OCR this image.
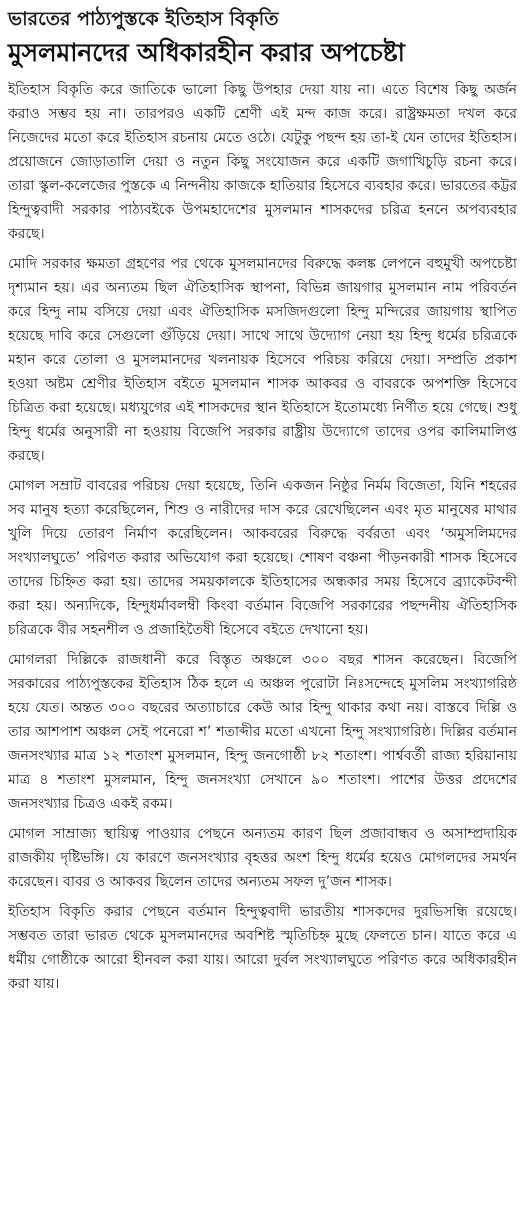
ভারতের পাঠ্যপুস্তকে ইতিহাস বিকৃতি
মুসলমানদের অধিকারহীন করার অপচেষ্টা

ইতিহাস বিকৃতি করে জাতিকে ভালো কিছু উপহার দেয়া যায় না। এতে বিশেষ কিছু অর্জন করাও সম্ভব হয় না। তারপরও একটি শ্রেণী এই মন্দ কাজ করে। রাষ্ট্রক্ষমতা দখল করে নিজেদের মতো করে ইতিহাস রচনায় মেতে ওঠে। যেটুকু পছন্দ হয় তা-ই যেন তাদের ইতিহাস। প্রয়োজনে জোড়াতালি দেয়া ও নতুন কিছু সংযোজন করে একটি জগাখিচুড়ি রচনা করে। তারা স্কুল-কলেজের পুস্তকে এ নিন্দনীয় কাজকে হাতিয়ার হিসেবে ব্যবহার করে। ভারতের কট্টর হিন্দুত্ববাদী সরকার পাঠ্যবইকে উপমহাদেশের মুসলমান শাসকদের চরিত্র হননে অপব্যবহার করছে।

মোদি সরকার ক্ষমতা গ্রহণের পর থেকে মুসলমানদের বিরুদ্ধে কলঙ্ক লেপনে বহুমুখী অপচেষ্টা দৃশ্যমান হয়। এর অন্যতম ছিল ঐতিহাসিক স্থাপনা, বিভিন্ন জায়গার মুসলমান নাম পরিবর্তন করে হিন্দু নাম বসিয়ে দেয়া এবং ঐতিহাসিক মসজিদগুলো হিন্দু মন্দিরের জায়গায় স্থাপিত হয়েছে দাবি করে সেগুলো গুঁড়িয়ে দেয়া। সাথে সাথে উদ্যোগ নেয়া হয় হিন্দু ধর্মের চরিত্রকে মহান করে তোলা ও মুসলমানদের খলনায়ক হিসেবে পরিচয় করিয়ে দেয়া। সম্প্রতি প্রকাশ হওয়া অষ্টম শ্রেণীর ইতিহাস বইতে মুসলমান শাসক আকবর ও বাবরকে অপশক্তি হিসেবে চিত্রিত করা হয়েছে। মধ্যযুগের এই শাসকদের স্থান ইতিহাসে ইতোমধ্যে নির্ণীত হয়ে গেছে। শুধু হিন্দু ধর্মের অনুসারী না হওয়ায় বিজেপি সরকার রাষ্ট্রীয় উদ্যোগে তাদের ওপর কালিমালিপ্ত করছে।

মোগল সম্রাট বাবরের পরিচয় দেয়া হয়েছে, তিনি একজন নিষ্ঠুর নির্মম বিজেতা, যিনি শহরের সব মানুষ হত্যা করেছিলেন, শিশু ও নারীদের দাস করে রেখেছিলেন এবং মৃত মানুষের মাথার খুলি দিয়ে তোরণ নির্মাণ করেছিলেন। আকবরের বিরুদ্ধে বর্বরতা এবং ‘অমুসলিমদের সংখ্যালঘুতে’ পরিণত করার অভিযোগ করা হয়েছে। শোষণ বঞ্চনা পীড়নকারী শাসক হিসেবে তাদের চিহ্নিত করা হয়। তাদের সময়কালকে ইতিহাসের অন্ধকার সময় হিসেবে ব্র্যাকেটবন্দী করা হয়। অন্যদিকে, হিন্দুধর্মাবলম্বী কিংবা বর্তমান বিজেপি সরকারের পছন্দনীয় ঐতিহাসিক চরিত্রকে বীর সহনশীল ও প্রজাহিতৈষী হিসেবে বইতে দেখানো হয়।

মোগলরা দিল্লিকে রাজধানী করে বিস্তৃত অঞ্চলে ৩০০ বছর শাসন করেছেন। বিজেপি সরকারের পাঠ্যপুস্তকের ইতিহাস ঠিক হলে এ অঞ্চল পুরোটা নিঃসন্দেহে মুসলিম সংখ্যাগরিষ্ঠ হয়ে যেত। অন্তত ৩০০ বছরের অত্যাচারে কেউ আর হিন্দু থাকার কথা নয়। বাস্তবে দিল্লি ও তার আশপাশ অঞ্চল সেই পনেরো শ’ শতাব্দীর মতো এখনো হিন্দু সংখ্যাগরিষ্ঠ। দিল্লির বর্তমান জনসংখ্যার মাত্র ১২ শতাংশ মুসলমান, হিন্দু জনগোষ্ঠী ৮২ শতাংশ। পার্শ্ববর্তী রাজ্য হরিয়ানায় মাত্র ৪ শতাংশ মুসলমান, হিন্দু জনসংখ্যা সেখানে ৯০ শতাংশ। পাশের উত্তর প্রদেশের জনসংখ্যার চিত্রও একই রকম।

মোগল সাম্রাজ্য স্থায়িত্ব পাওয়ার পেছনে অন্যতম কারণ ছিল প্রজাবান্ধব ও অসাম্প্রদায়িক রাজকীয় দৃষ্টিভঙ্গি। যে কারণে জনসংখ্যার বৃহত্তর অংশ হিন্দু ধর্মের হয়েও মোগলদের সমর্থন করেছেন। বাবর ও আকবর ছিলেন তাদের অন্যতম সফল দু’জন শাসক।

ইতিহাস বিকৃতি করার পেছনে বর্তমান হিন্দুত্ববাদী ভারতীয় শাসকদের দুরভিসন্ধি রয়েছে। সম্ভবত তারা ভারত থেকে মুসলমানদের অবশিষ্ট স্মৃতিচিহ্ন মুছে ফেলতে চান। যাতে করে এ ধর্মীয় গোষ্ঠীকে আরো হীনবল করা যায়। আরো দুর্বল সংখ্যালঘুতে পরিণত করে অধিকারহীন করা যায়।
